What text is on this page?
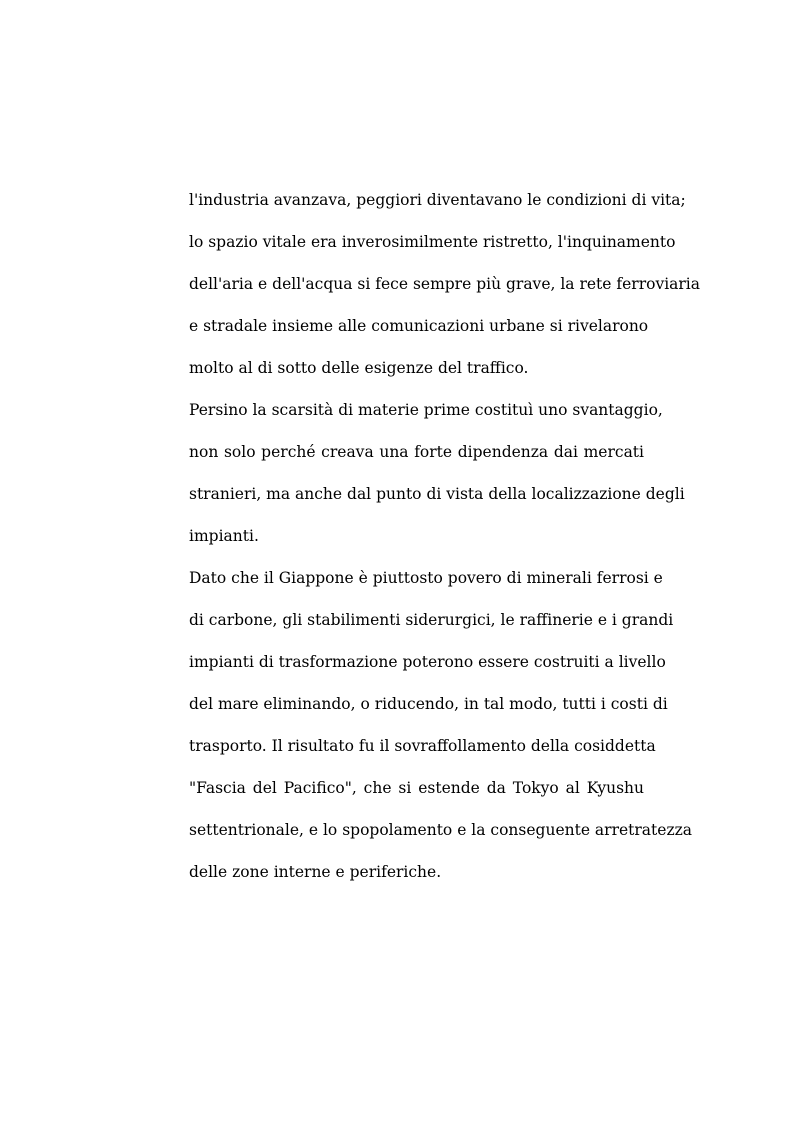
l'industria avanzava, peggiori diventavano le condizioni di vita;
lo spazio vitale era inverosimilmente ristretto, l'inquinamento
dell'aria e dell'acqua si fece sempre più grave, la rete ferroviaria
e stradale insieme alle comunicazioni urbane si rivelarono
molto al di sotto delle esigenze del traffico.
Persino la scarsità di materie prime costituì uno svantaggio,
non solo perché creava una forte dipendenza dai mercati
stranieri, ma anche dal punto di vista della localizzazione degli
impianti.
Dato che il Giappone è piuttosto povero di minerali ferrosi e
di carbone, gli stabilimenti siderurgici, le raffinerie e i grandi
impianti di trasformazione poterono essere costruiti a livello
del mare eliminando, o riducendo, in tal modo, tutti i costi di
trasporto. Il risultato fu il sovraffollamento della cosiddetta
"Fascia del Pacifico", che si estende da Tokyo al Kyushu
settentrionale, e lo spopolamento e la conseguente arretratezza
delle zone interne e periferiche.
